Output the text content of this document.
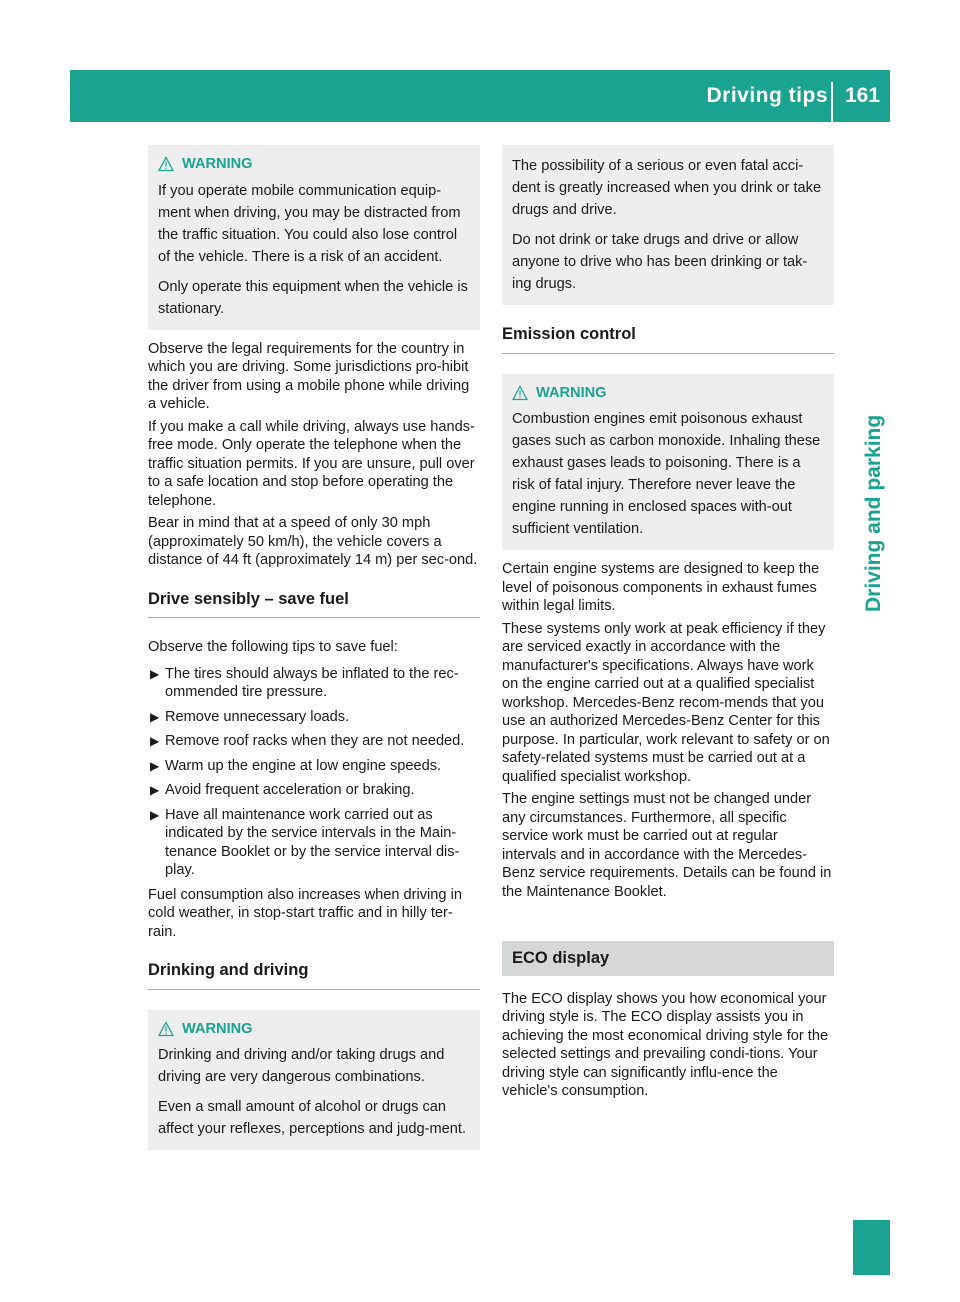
Driving tips 161
Driving and parking
WARNING

If you operate mobile communication equip-ment when driving, you may be distracted from the traffic situation. You could also lose control of the vehicle. There is a risk of an accident.

Only operate this equipment when the vehicle is stationary.

Observe the legal requirements for the country in which you are driving. Some jurisdictions pro-hibit the driver from using a mobile phone while driving a vehicle.

If you make a call while driving, always use hands-free mode. Only operate the telephone when the traffic situation permits. If you are unsure, pull over to a safe location and stop before operating the telephone.

Bear in mind that at a speed of only 30 mph (approximately 50 km/h), the vehicle covers a distance of 44 ft (approximately 14 m) per sec-ond.

Drive sensibly – save fuel

Observe the following tips to save fuel:

▶ The tires should always be inflated to the rec-ommended tire pressure.
▶ Remove unnecessary loads.
▶ Remove roof racks when they are not needed.
▶ Warm up the engine at low engine speeds.
▶ Avoid frequent acceleration or braking.
▶ Have all maintenance work carried out as indicated by the service intervals in the Main-tenance Booklet or by the service interval dis-play.

Fuel consumption also increases when driving in cold weather, in stop-start traffic and in hilly ter-rain.

Drinking and driving
WARNING

Drinking and driving and/or taking drugs and driving are very dangerous combinations.

Even a small amount of alcohol or drugs can affect your reflexes, perceptions and judg-ment.

The possibility of a serious or even fatal acci-dent is greatly increased when you drink or take drugs and drive.

Do not drink or take drugs and drive or allow anyone to drive who has been drinking or tak-ing drugs.

Emission control
WARNING

Combustion engines emit poisonous exhaust gases such as carbon monoxide. Inhaling these exhaust gases leads to poisoning. There is a risk of fatal injury. Therefore never leave the engine running in enclosed spaces with-out sufficient ventilation.

Certain engine systems are designed to keep the level of poisonous components in exhaust fumes within legal limits.

These systems only work at peak efficiency if they are serviced exactly in accordance with the manufacturer's specifications. Always have work on the engine carried out at a qualified specialist workshop. Mercedes-Benz recom-mends that you use an authorized Mercedes-Benz Center for this purpose. In particular, work relevant to safety or on safety-related systems must be carried out at a qualified specialist workshop.

The engine settings must not be changed under any circumstances. Furthermore, all specific service work must be carried out at regular intervals and in accordance with the Mercedes-Benz service requirements. Details can be found in the Maintenance Booklet.

ECO display

The ECO display shows you how economical your driving style is. The ECO display assists you in achieving the most economical driving style for the selected settings and prevailing condi-tions. Your driving style can significantly influ-ence the vehicle's consumption.
